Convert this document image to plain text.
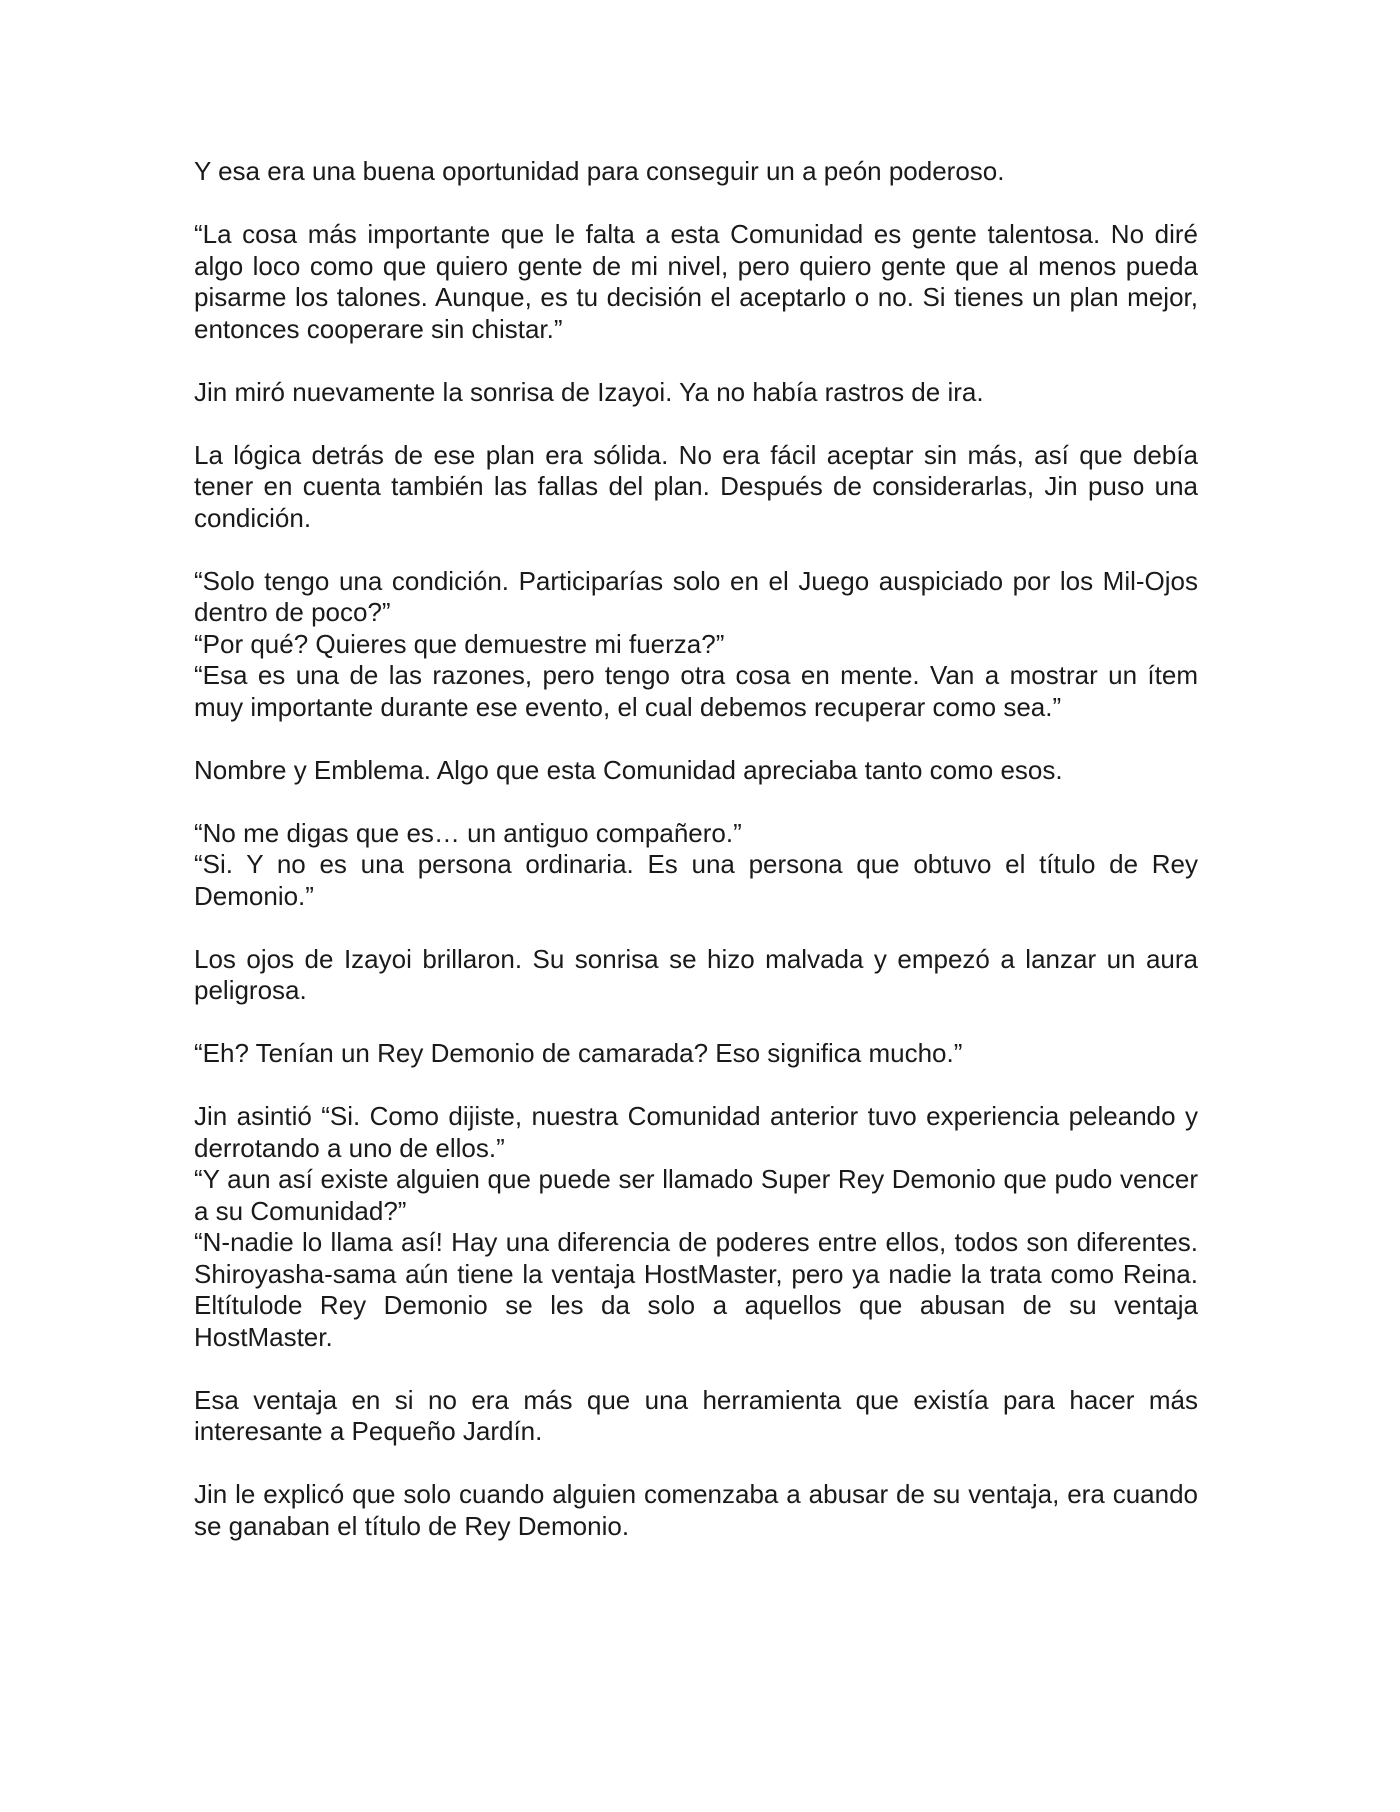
Y esa era una buena oportunidad para conseguir un a peón poderoso.

“La cosa más importante que le falta a esta Comunidad es gente talentosa. No diré algo loco como que quiero gente de mi nivel, pero quiero gente que al menos pueda pisarme los talones. Aunque, es tu decisión el aceptarlo o no. Si tienes un plan mejor, entonces cooperare sin chistar.”

Jin miró nuevamente la sonrisa de Izayoi. Ya no había rastros de ira.

La lógica detrás de ese plan era sólida. No era fácil aceptar sin más, así que debía tener en cuenta también las fallas del plan. Después de considerarlas, Jin puso una condición.

“Solo tengo una condición. Participarías solo en el Juego auspiciado por los Mil-Ojos dentro de poco?”

“Por qué? Quieres que demuestre mi fuerza?”

“Esa es una de las razones, pero tengo otra cosa en mente. Van a mostrar un ítem muy importante durante ese evento, el cual debemos recuperar como sea.”

Nombre y Emblema. Algo que esta Comunidad apreciaba tanto como esos.

“No me digas que es… un antiguo compañero.”

“Si. Y no es una persona ordinaria. Es una persona que obtuvo el título de Rey Demonio.”

Los ojos de Izayoi brillaron. Su sonrisa se hizo malvada y empezó a lanzar un aura peligrosa.

“Eh? Tenían un Rey Demonio de camarada? Eso significa mucho.”

Jin asintió “Si. Como dijiste, nuestra Comunidad anterior tuvo experiencia peleando y derrotando a uno de ellos.”

“Y aun así existe alguien que puede ser llamado Super Rey Demonio que pudo vencer a su Comunidad?”

“N-nadie lo llama así! Hay una diferencia de poderes entre ellos, todos son diferentes. Shiroyasha-sama aún tiene la ventaja HostMaster, pero ya nadie la trata como Reina. Eltítulode Rey Demonio se les da solo a aquellos que abusan de su ventaja HostMaster.

Esa ventaja en si no era más que una herramienta que existía para hacer más interesante a Pequeño Jardín.

Jin le explicó que solo cuando alguien comenzaba a abusar de su ventaja, era cuando se ganaban el título de Rey Demonio.
